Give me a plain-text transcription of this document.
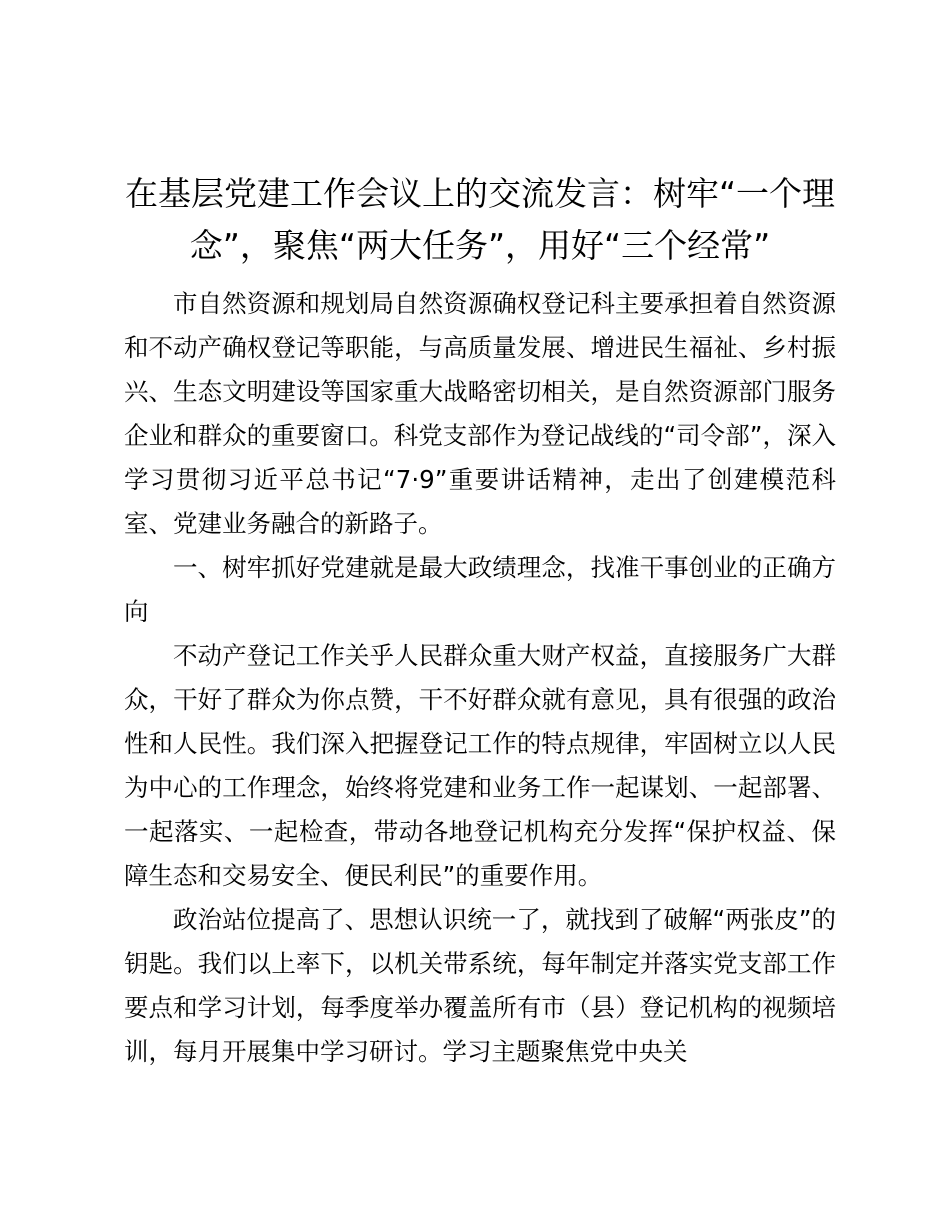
在基层党建工作会议上的交流发言：树牢“一个理念”，聚焦“两大任务”，用好“三个经常”

市自然资源和规划局自然资源确权登记科主要承担着自然资源和不动产确权登记等职能，与高质量发展、增进民生福祉、乡村振兴、生态文明建设等国家重大战略密切相关，是自然资源部门服务企业和群众的重要窗口。科党支部作为登记战线的“司令部”，深入学习贯彻习近平总书记“7·9”重要讲话精神，走出了创建模范科室、党建业务融合的新路子。

一、树牢抓好党建就是最大政绩理念，找准干事创业的正确方向

不动产登记工作关乎人民群众重大财产权益，直接服务广大群众，干好了群众为你点赞，干不好群众就有意见，具有很强的政治性和人民性。我们深入把握登记工作的特点规律，牢固树立以人民为中心的工作理念，始终将党建和业务工作一起谋划、一起部署、一起落实、一起检查，带动各地登记机构充分发挥“保护权益、保障生态和交易安全、便民利民”的重要作用。

政治站位提高了、思想认识统一了，就找到了破解“两张皮”的钥匙。我们以上率下，以机关带系统，每年制定并落实党支部工作要点和学习计划，每季度举办覆盖所有市（县）登记机构的视频培训，每月开展集中学习研讨。学习主题聚焦党中央关
